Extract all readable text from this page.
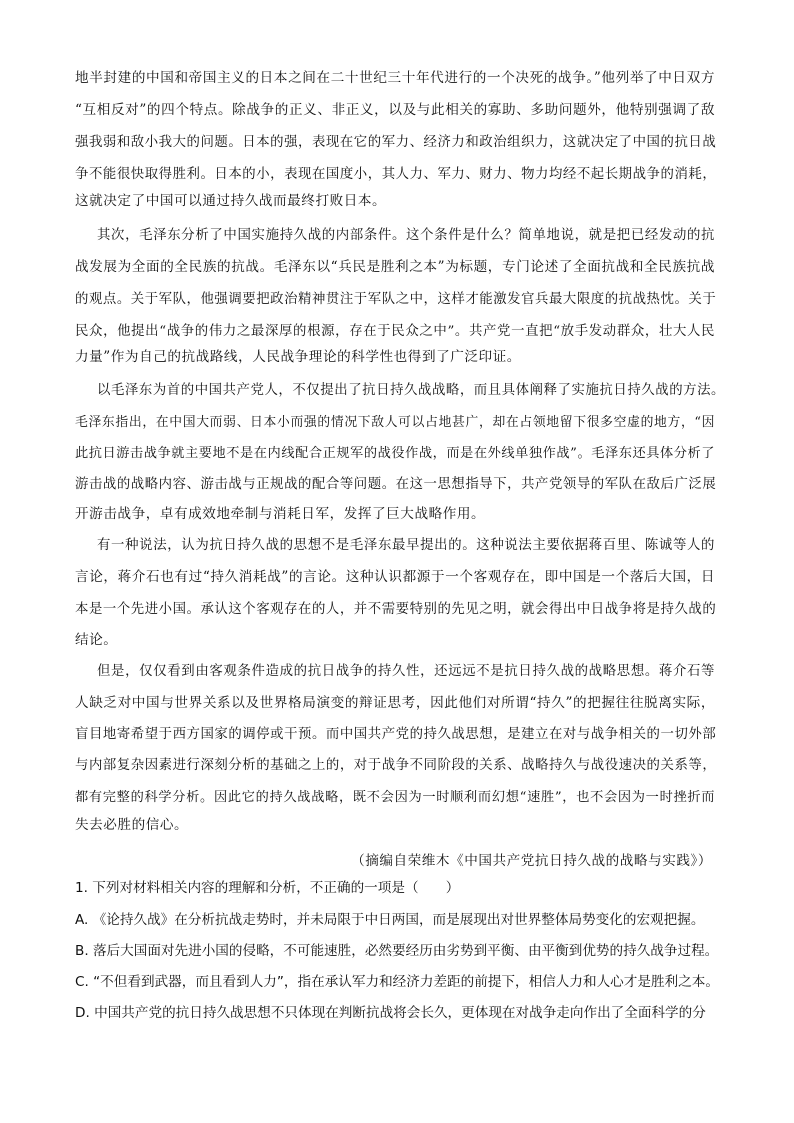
地半封建的中国和帝国主义的日本之间在二十世纪三十年代进行的一个决死的战争。”他列举了中日双方
“互相反对”的四个特点。除战争的正义、非正义，以及与此相关的寡助、多助问题外，他特别强调了敌
强我弱和敌小我大的问题。日本的强，表现在它的军力、经济力和政治组织力，这就决定了中国的抗日战
争不能很快取得胜利。日本的小，表现在国度小，其人力、军力、财力、物力均经不起长期战争的消耗，
这就决定了中国可以通过持久战而最终打败日本。
其次，毛泽东分析了中国实施持久战的内部条件。这个条件是什么？简单地说，就是把已经发动的抗
战发展为全面的全民族的抗战。毛泽东以“兵民是胜利之本”为标题，专门论述了全面抗战和全民族抗战
的观点。关于军队，他强调要把政治精神贯注于军队之中，这样才能激发官兵最大限度的抗战热忱。关于
民众，他提出“战争的伟力之最深厚的根源，存在于民众之中”。共产党一直把“放手发动群众，壮大人民
力量”作为自己的抗战路线，人民战争理论的科学性也得到了广泛印证。
以毛泽东为首的中国共产党人，不仅提出了抗日持久战战略，而且具体阐释了实施抗日持久战的方法。
毛泽东指出，在中国大而弱、日本小而强的情况下敌人可以占地甚广，却在占领地留下很多空虚的地方，“因
此抗日游击战争就主要地不是在内线配合正规军的战役作战，而是在外线单独作战”。毛泽东还具体分析了
游击战的战略内容、游击战与正规战的配合等问题。在这一思想指导下，共产党领导的军队在敌后广泛展
开游击战争，卓有成效地牵制与消耗日军，发挥了巨大战略作用。
有一种说法，认为抗日持久战的思想不是毛泽东最早提出的。这种说法主要依据蒋百里、陈诚等人的
言论，蒋介石也有过“持久消耗战”的言论。这种认识都源于一个客观存在，即中国是一个落后大国，日
本是一个先进小国。承认这个客观存在的人，并不需要特别的先见之明，就会得出中日战争将是持久战的
结论。
但是，仅仅看到由客观条件造成的抗日战争的持久性，还远远不是抗日持久战的战略思想。蒋介石等
人缺乏对中国与世界关系以及世界格局演变的辩证思考，因此他们对所谓“持久”的把握往往脱离实际，
盲目地寄希望于西方国家的调停或干预。而中国共产党的持久战思想，是建立在对与战争相关的一切外部
与内部复杂因素进行深刻分析的基础之上的，对于战争不同阶段的关系、战略持久与战役速决的关系等，
都有完整的科学分析。因此它的持久战战略，既不会因为一时顺利而幻想“速胜”，也不会因为一时挫折而
失去必胜的信心。
（摘编自荣维木《中国共产党抗日持久战的战略与实践》）
1. 下列对材料相关内容的理解和分析，不正确的一项是（　　）
A. 《论持久战》在分析抗战走势时，并未局限于中日两国，而是展现出对世界整体局势变化的宏观把握。
B. 落后大国面对先进小国的侵略，不可能速胜，必然要经历由劣势到平衡、由平衡到优势的持久战争过程。
C. “不但看到武器，而且看到人力”，指在承认军力和经济力差距的前提下，相信人力和人心才是胜利之本。
D. 中国共产党的抗日持久战思想不只体现在判断抗战将会长久，更体现在对战争走向作出了全面科学的分
